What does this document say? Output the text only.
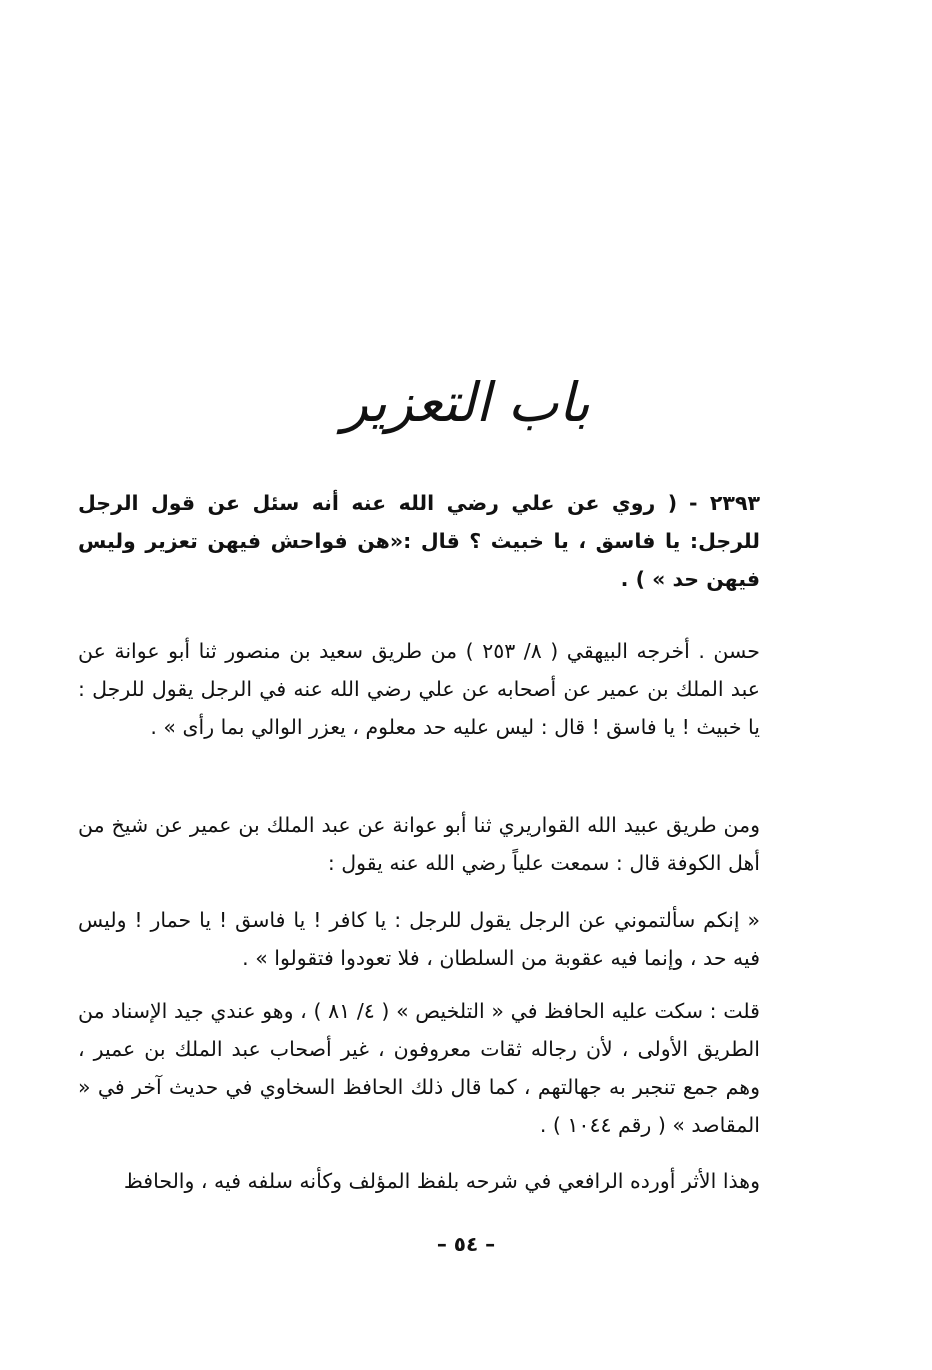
باب التعزير

٢٣٩٣ - ( روي عن علي رضي الله عنه أنه سئل عن قول الرجل للرجل: يا فاسق ، يا خبيث ؟ قال :«هن فواحش فيهن تعزير وليس فيهن حد » ) .

حسن . أخرجه البيهقي ( ٨/ ٢٥٣ ) من طريق سعيد بن منصور ثنا أبو عوانة عن عبد الملك بن عمير عن أصحابه عن علي رضي الله عنه في الرجل يقول للرجل : يا خبيث ! يا فاسق ! قال : ليس عليه حد معلوم ، يعزر الوالي بما رأى » .

ومن طريق عبيد الله القواريري ثنا أبو عوانة عن عبد الملك بن عمير عن شيخ من أهل الكوفة قال : سمعت علياً رضي الله عنه يقول :

« إنكم سألتموني عن الرجل يقول للرجل : يا كافر ! يا فاسق ! يا حمار ! وليس فيه حد ، وإنما فيه عقوبة من السلطان ، فلا تعودوا فتقولوا » .

قلت : سكت عليه الحافظ في « التلخيص » ( ٤/ ٨١ ) ، وهو عندي جيد الإسناد من الطريق الأولى ، لأن رجاله ثقات معروفون ، غير أصحاب عبد الملك بن عمير ، وهم جمع تنجبر به جهالتهم ، كما قال ذلك الحافظ السخاوي في حديث آخر في « المقاصد » ( رقم ١٠٤٤ ) .

وهذا الأثر أورده الرافعي في شرحه بلفظ المؤلف وكأنه سلفه فيه ، والحافظ

– ٥٤ –
